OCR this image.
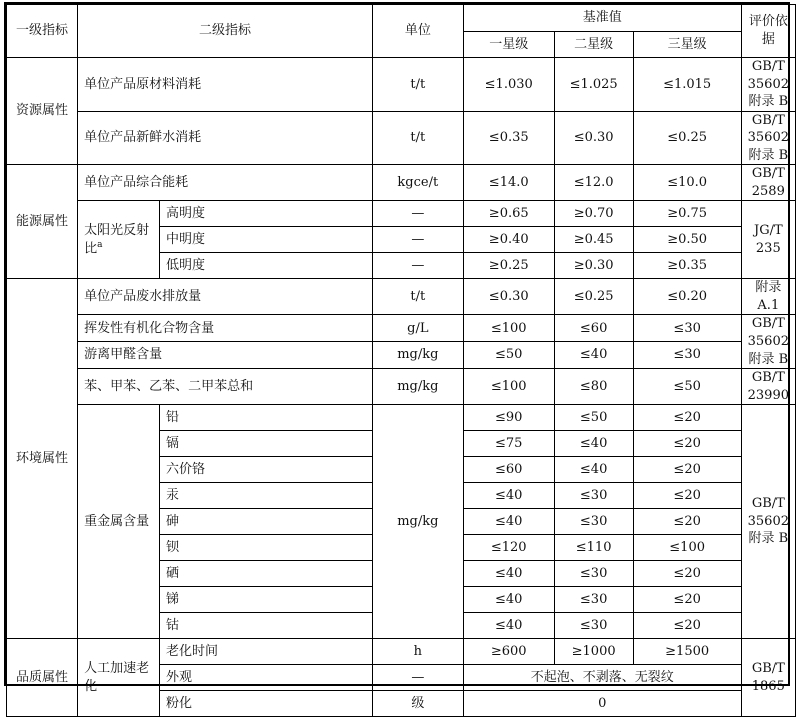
一级指标	二级指标		单位	基准值			评价依据
				一星级	二星级	三星级	
资源属性	单位产品原材料消耗		t/t	≤1.030	≤1.025	≤1.015	GB/T 35602 附录 B
	单位产品新鲜水消耗		t/t	≤0.35	≤0.30	≤0.25	GB/T 35602 附录 B
能源属性	单位产品综合能耗		kgce/t	≤14.0	≤12.0	≤10.0	GB/T 2589
	太阳光反射比$^a$	高明度	—	≥0.65	≥0.70	≥0.75	JG/T 235
		中明度	—	≥0.40	≥0.45	≥0.50	
		低明度	—	≥0.25	≥0.30	≥0.35	
环境属性	单位产品废水排放量		t/t	≤0.30	≤0.25	≤0.20	附录 A.1
	挥发性有机化合物含量		g/L	≤100	≤60	≤30	GB/T 35602 附录 B
	游离甲醛含量		mg/kg	≤50	≤40	≤30	
	苯、甲苯、乙苯、二甲苯总和		mg/kg	≤100	≤80	≤50	GB/T 23990
	重金属含量	铅	mg/kg	≤90	≤50	≤20	GB/T 35602 附录 B
		镉		≤75	≤40	≤20	
		六价铬		≤60	≤40	≤20	
		汞		≤40	≤30	≤20	
		砷		≤40	≤30	≤20	
		钡		≤120	≤110	≤100	
		硒		≤40	≤30	≤20	
		锑		≤40	≤30	≤20	
		钴		≤40	≤30	≤20	
品质属性	人工加速老化	老化时间	h	≥600	≥1000	≥1500	GB/T 1865
		外观	—	不起泡、不剥落、无裂纹			
		粉化	级	0			
